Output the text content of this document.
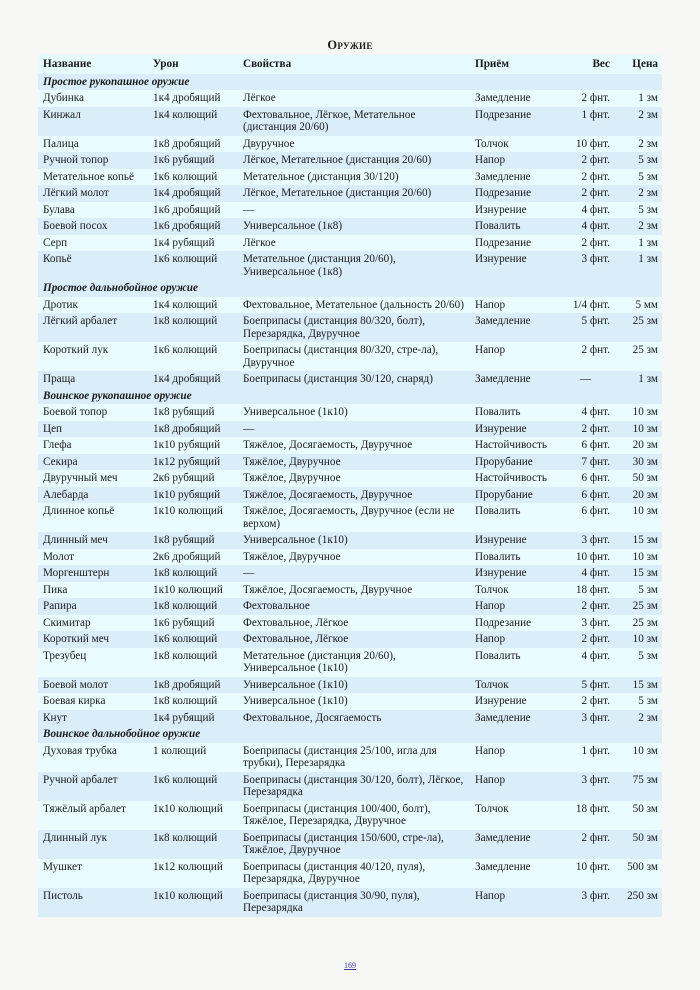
Оружие
Название	Урон	Свойства	Приём	Вес	Цена
Простое рукопашное оружие					
Дубинка	1к4 дробящий	Лёгкое	Замедление	2 фнт.	1 зм
Кинжал	1к4 колющий	Фехтовальное, Лёгкое, Метательное (дистанция 20/60)	Подрезание	1 фнт.	2 зм
Палица	1к8 дробящий	Двуручное	Толчок	10 фнт.	2 зм
Ручной топор	1к6 рубящий	Лёгкое, Метательное (дистанция 20/60)	Напор	2 фнт.	5 зм
Метательное копьё	1к6 колющий	Метательное (дистанция 30/120)	Замедление	2 фнт.	5 зм
Лёгкий молот	1к4 дробящий	Лёгкое, Метательное (дистанция 20/60)	Подрезание	2 фнт.	2 зм
Булава	1к6 дробящий	—	Изнурение	4 фнт.	5 зм
Боевой посох	1к6 дробящий	Универсальное (1к8)	Повалить	4 фнт.	2 зм
Серп	1к4 рубящий	Лёгкое	Подрезание	2 фнт.	1 зм
Копьё	1к6 колющий	Метательное (дистанция 20/60), Универсальное (1к8)	Изнурение	3 фнт.	1 зм
Простое дальнобойное оружие					
Дротик	1к4 колющий	Фехтовальное, Метательное (дальность 20/60)	Напор	1/4 фнт.	5 мм
Лёгкий арбалет	1к8 колющий	Боеприпасы (дистанция 80/320, болт), Перезарядка, Двуручное	Замедление	5 фнт.	25 зм
Короткий лук	1к6 колющий	Боеприпасы (дистанция 80/320, стре-ла), Двуручное	Напор	2 фнт.	25 зм
Праща	1к4 дробящий	Боеприпасы (дистанция 30/120, снаряд)	Замедление	—	1 зм
Воинское рукопашное оружие					
Боевой топор	1к8 рубящий	Универсальное (1к10)	Повалить	4 фнт.	10 зм
Цеп	1к8 дробящий	—	Изнурение	2 фнт.	10 зм
Глефа	1к10 рубящий	Тяжёлое, Досягаемость, Двуручное	Настойчивость	6 фнт.	20 зм
Секира	1к12 рубящий	Тяжёлое, Двуручное	Прорубание	7 фнт.	30 зм
Двуручный меч	2к6 рубящий	Тяжёлое, Двуручное	Настойчивость	6 фнт.	50 зм
Алебарда	1к10 рубящий	Тяжёлое, Досягаемость, Двуручное	Прорубание	6 фнт.	20 зм
Длинное копьё	1к10 колющий	Тяжёлое, Досягаемость, Двуручное (если не верхом)	Повалить	6 фнт.	10 зм
Длинный меч	1к8 рубящий	Универсальное (1к10)	Изнурение	3 фнт.	15 зм
Молот	2к6 дробящий	Тяжёлое, Двуручное	Повалить	10 фнт.	10 зм
Моргенштерн	1к8 колющий	—	Изнурение	4 фнт.	15 зм
Пика	1к10 колющий	Тяжёлое, Досягаемость, Двуручное	Толчок	18 фнт.	5 зм
Рапира	1к8 колющий	Фехтовальное	Напор	2 фнт.	25 зм
Скимитар	1к6 рубящий	Фехтовальное, Лёгкое	Подрезание	3 фнт.	25 зм
Короткий меч	1к6 колющий	Фехтовальное, Лёгкое	Напор	2 фнт.	10 зм
Трезубец	1к8 колющий	Метательное (дистанция 20/60), Универсальное (1к10)	Повалить	4 фнт.	5 зм
Боевой молот	1к8 дробящий	Универсальное (1к10)	Толчок	5 фнт.	15 зм
Боевая кирка	1к8 колющий	Универсальное (1к10)	Изнурение	2 фнт.	5 зм
Кнут	1к4 рубящий	Фехтовальное, Досягаемость	Замедление	3 фнт.	2 зм
Воинское дальнобойное оружие					
Духовая трубка	1 колющий	Боеприпасы (дистанция 25/100, игла для трубки), Перезарядка	Напор	1 фнт.	10 зм
Ручной арбалет	1к6 колющий	Боеприпасы (дистанция 30/120, болт), Лёгкое, Перезарядка	Напор	3 фнт.	75 зм
Тяжёлый арбалет	1к10 колющий	Боеприпасы (дистанция 100/400, болт), Тяжёлое, Перезарядка, Двуручное	Толчок	18 фнт.	50 зм
Длинный лук	1к8 колющий	Боеприпасы (дистанция 150/600, стре-ла), Тяжёлое, Двуручное	Замедление	2 фнт.	50 зм
Мушкет	1к12 колющий	Боеприпасы (дистанция 40/120, пуля), Перезарядка, Двуручное	Замедление	10 фнт.	500 зм
Пистоль	1к10 колющий	Боеприпасы (дистанция 30/90, пуля), Перезарядка	Напор	3 фнт.	250 зм
169
